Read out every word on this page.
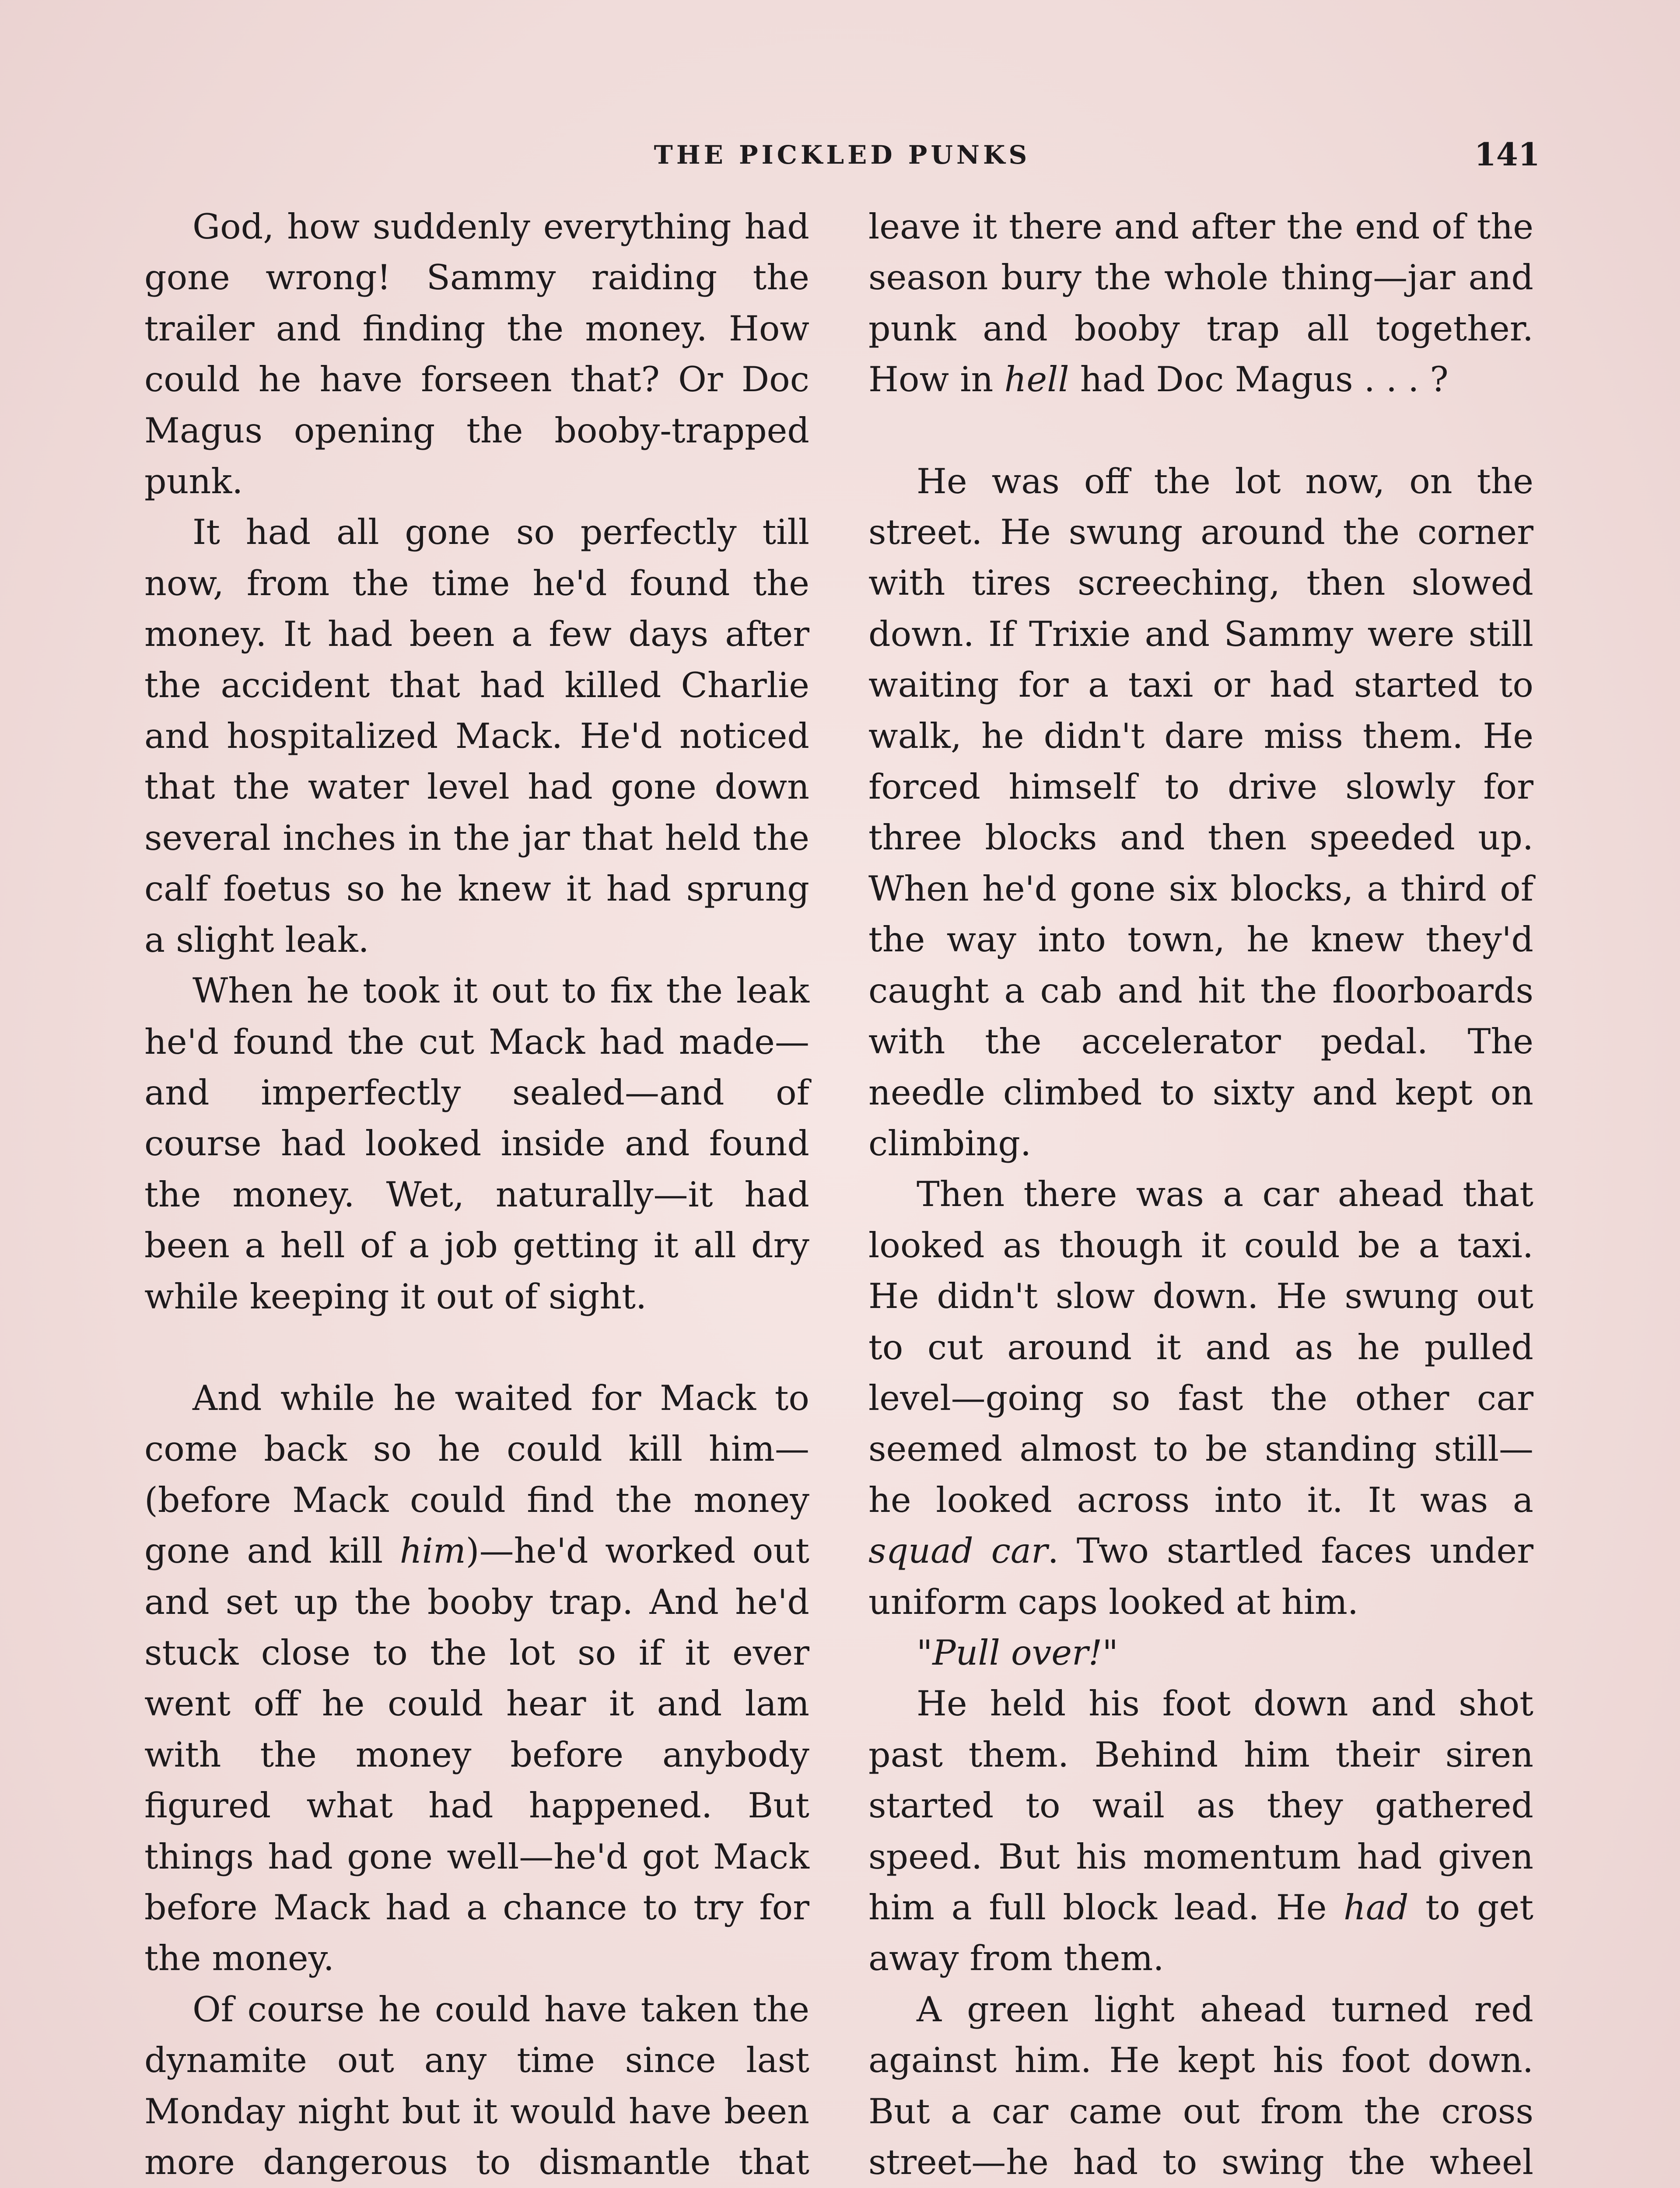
THE PICKLED PUNKS	141

God, how suddenly everything had gone wrong! Sammy raiding the trailer and finding the money. How could he have forseen that? Or Doc Magus opening the booby-trapped punk.

It had all gone so perfectly till now, from the time he'd found the money. It had been a few days after the accident that had killed Charlie and hospitalized Mack. He'd noticed that the water level had gone down several inches in the jar that held the calf foetus so he knew it had sprung a slight leak.

When he took it out to fix the leak he'd found the cut Mack had made—and imperfectly sealed—and of course had looked inside and found the money. Wet, naturally—it had been a hell of a job getting it all dry while keeping it out of sight.

And while he waited for Mack to come back so he could kill him—(before Mack could find the money gone and kill him)—he'd worked out and set up the booby trap. And he'd stuck close to the lot so if it ever went off he could hear it and lam with the money before anybody figured what had happened. But things had gone well—he'd got Mack before Mack had a chance to try for the money.

Of course he could have taken the dynamite out any time since last Monday night but it would have been more dangerous to dismantle that

leave it there and after the end of the season bury the whole thing—jar and punk and booby trap all together. How in hell had Doc Magus . . . ?

He was off the lot now, on the street. He swung around the corner with tires screeching, then slowed down. If Trixie and Sammy were still waiting for a taxi or had started to walk, he didn't dare miss them. He forced himself to drive slowly for three blocks and then speeded up. When he'd gone six blocks, a third of the way into town, he knew they'd caught a cab and hit the floorboards with the accelerator pedal. The needle climbed to sixty and kept on climbing.

Then there was a car ahead that looked as though it could be a taxi. He didn't slow down. He swung out to cut around it and as he pulled level—going so fast the other car seemed almost to be standing still—he looked across into it. It was a squad car. Two startled faces under uniform caps looked at him.

"Pull over!"

He held his foot down and shot past them. Behind him their siren started to wail as they gathered speed. But his momentum had given him a full block lead. He had to get away from them.

A green light ahead turned red against him. He kept his foot down. But a car came out from the cross street—he had to swing the wheel
